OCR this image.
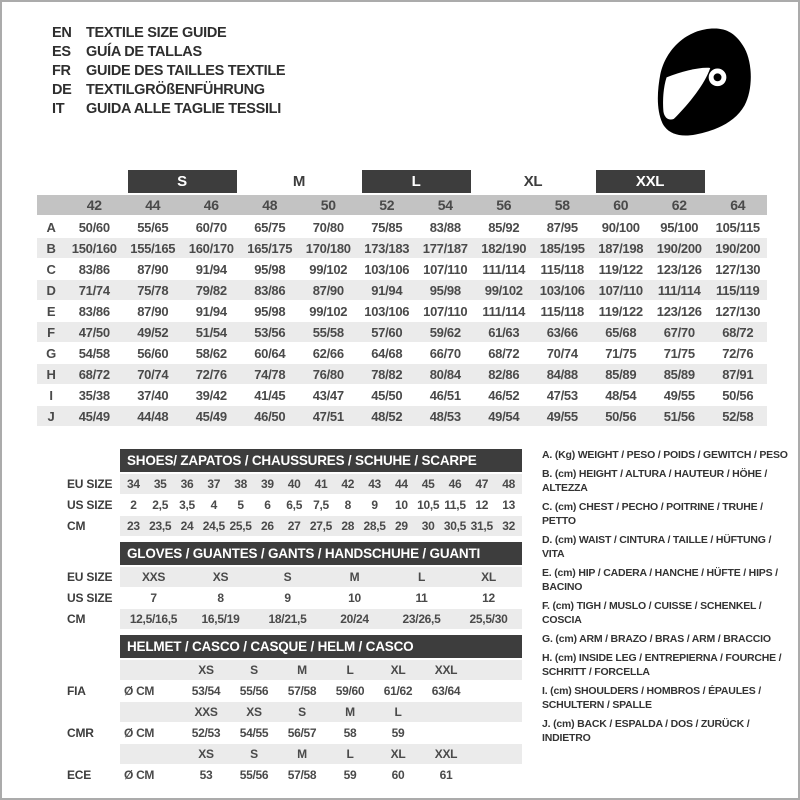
EN TEXTILE SIZE GUIDE
ES	GUÍA DE TALLAS
FR	GUIDE DES TAILLES TEXTILE
DE TEXTILGRÖßENFÜHRUNG
IT	GUIDA ALLE TAGLIE TESSILI

		S		M		L		XL		XXL		

	42	44	46	48	50	52	54	56	58	60	62	64
A	50/60	55/65	60/70	65/75	70/80	75/85	83/88	85/92	87/95	90/100	95/100	105/115
B	150/160	155/165	160/170	165/175	170/180	173/183	177/187	182/190	185/195	187/198	190/200	190/200
C	83/86	87/90	91/94	95/98	99/102	103/106	107/110	111/114	115/118	119/122	123/126	127/130
D	71/74	75/78	79/82	83/86	87/90	91/94	95/98	99/102	103/106	107/110	111/114	115/119
E	83/86	87/90	91/94	95/98	99/102	103/106	107/110	111/114	115/118	119/122	123/126	127/130
F	47/50	49/52	51/54	53/56	55/58	57/60	59/62	61/63	63/66	65/68	67/70	68/72
G	54/58	56/60	58/62	60/64	62/66	64/68	66/70	68/72	70/74	71/75	71/75	72/76
H	68/72	70/74	72/76	74/78	76/80	78/82	80/84	82/86	84/88	85/89	85/89	87/91
I	35/38	37/40	39/42	41/45	43/47	45/50	46/51	46/52	47/53	48/54	49/55	50/56
J	45/49	44/48	45/49	46/50	47/51	48/52	48/53	49/54	49/55	50/56	51/56	52/58

	SHOES/ ZAPATOS / CHAUSSURES / SCHUHE / SCARPE														

EU SIZE	34	35	36	37	38	39	40	41	42	43	44	45	46	47	48
US SIZE	2	2,5	3,5	4	5	6	6,5	7,5	8	9	10	10,5	11,5	12	13
CM	23	23,5	24	24,5	25,5	26	27	27,5	28	28,5	29	30	30,5	31,5	32

	GLOVES / GUANTES / GANTS / HANDSCHUHE / GUANTI					

EU SIZE	XXS	XS	S	M	L	XL
US SIZE	7	8	9	10	11	12
CM	12,5/16,5	16,5/19	18/21,5	20/24	23/26,5	25,5/30

	HELMET / CASCO / CASQUE / HELM / CASCO							

		XS	S	M	L	XL	XXL	
FIA	Ø CM	53/54	55/56	57/58	59/60	61/62	63/64	
		XXS	XS	S	M	L		
CMR	Ø CM	52/53	54/55	56/57	58	59		
		XS	S	M	L	XL	XXL	
ECE	Ø CM	53	55/56	57/58	59	60	61	
A. (Kg) WEIGHT / PESO / POIDS / GEWITCH / PESO
B. (cm) HEIGHT / ALTURA / HAUTEUR / HÖHE / ALTEZZA
C. (cm) CHEST / PECHO / POITRINE / TRUHE / PETTO
D. (cm) WAIST / CINTURA / TAILLE / HÜFTUNG / VITA
E. (cm) HIP / CADERA / HANCHE / HÜFTE / HIPS / BACINO
F. (cm) TIGH / MUSLO / CUISSE / SCHENKEL / COSCIA
G. (cm) ARM / BRAZO / BRAS / ARM / BRACCIO
H. (cm) INSIDE LEG / ENTREPIERNA / FOURCHE / SCHRITT / FORCELLA
I. (cm) SHOULDERS / HOMBROS / ÉPAULES / SCHULTERN / SPALLE
J. (cm) BACK / ESPALDA / DOS / ZURÜCK / INDIETRO
